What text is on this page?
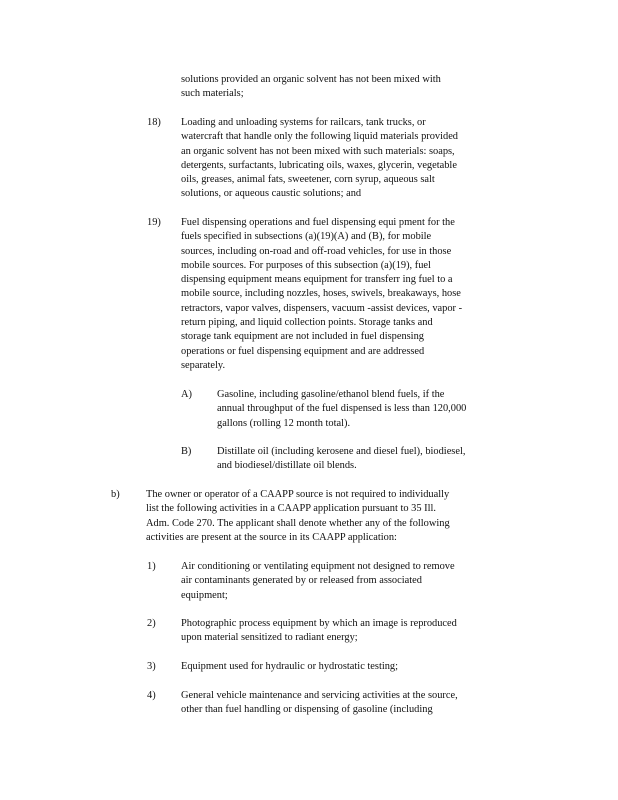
solutions provided an organic solvent has not been mixed with
such materials;
18) Loading and unloading systems for railcars, tank trucks, or
watercraft that handle only the following liquid materials provided
an organic solvent has not been mixed with such materials: soaps,
detergents, surfactants, lubricating oils, waxes, glycerin, vegetable
oils, greases, animal fats, sweetener, corn syrup, aqueous salt
solutions, or aqueous caustic solutions; and
19) Fuel dispensing operations and fuel dispensing equi pment for the
fuels specified in subsections (a)(19)(A) and (B), for mobile
sources, including on-road and off-road vehicles, for use in those
mobile sources. For purposes of this subsection (a)(19), fuel
dispensing equipment means equipment for transferr ing fuel to a
mobile source, including nozzles, hoses, swivels, breakaways, hose
retractors, vapor valves, dispensers, vacuum -assist devices, vapor -
return piping, and liquid collection points. Storage tanks and
storage tank equipment are not included in fuel dispensing
operations or fuel dispensing equipment and are addressed
separately.
A) Gasoline, including gasoline/ethanol blend fuels, if the
annual throughput of the fuel dispensed is less than 120,000
gallons (rolling 12 month total).
B) Distillate oil (including kerosene and diesel fuel), biodiesel,
and biodiesel/distillate oil blends.
b)	The owner or operator of a CAAPP source is not required to individually
list the following activities in a CAAPP application pursuant to 35 Ill.
Adm. Code 270. The applicant shall denote whether any of the following
activities are present at the source in its CAAPP application:
1) Air conditioning or ventilating equipment not designed to remove
air contaminants generated by or released from associated
equipment;
2) Photographic process equipment by which an image is reproduced
upon material sensitized to radiant energy;
3) Equipment used for hydraulic or hydrostatic testing;
4) General vehicle maintenance and servicing activities at the source,
other than fuel handling or dispensing of gasoline (including
